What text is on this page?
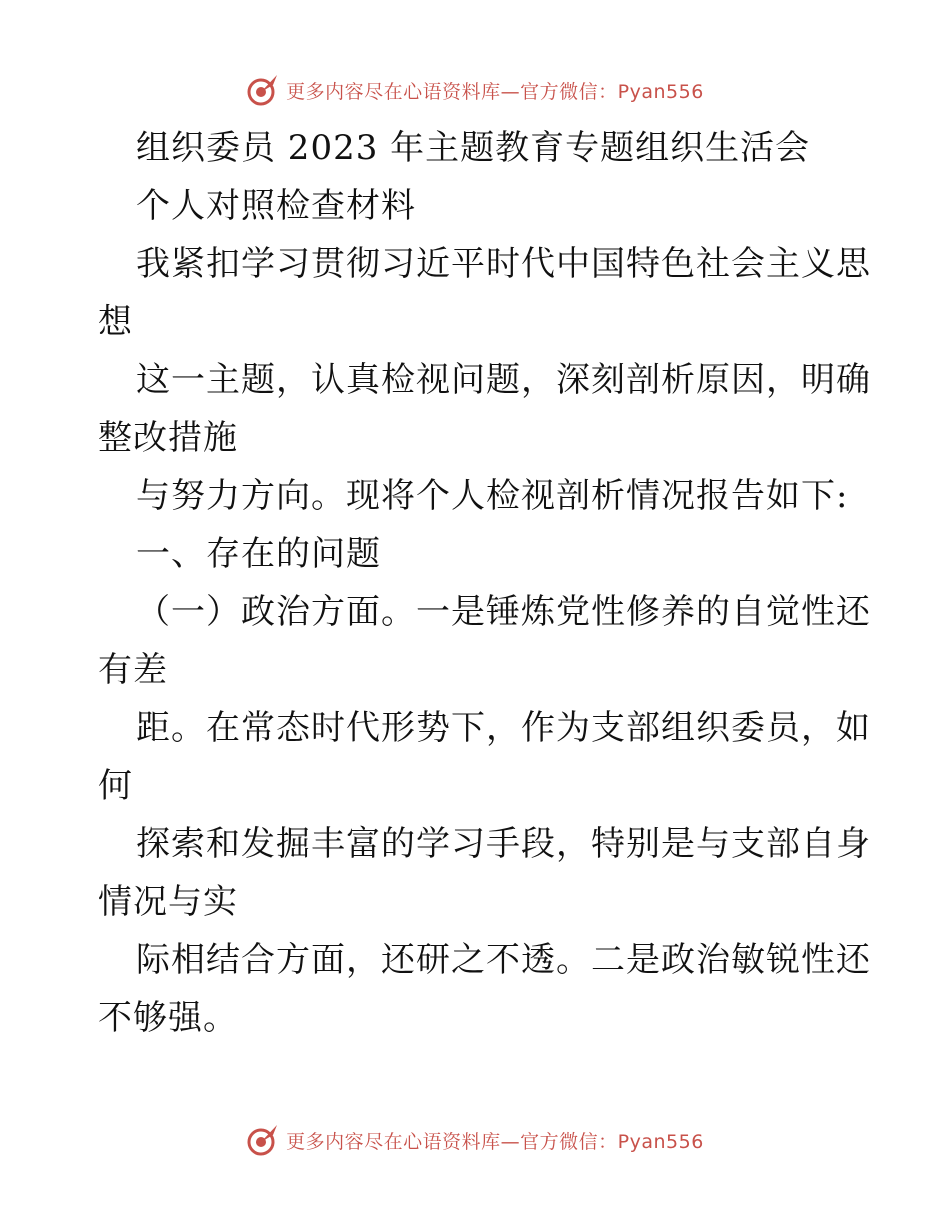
更多内容尽在心语资料库—官方微信：Pyan556
组织委员 2023 年主题教育专题组织生活会
个人对照检查材料
我紧扣学习贯彻习近平时代中国特色社会主义思
想
这一主题，认真检视问题，深刻剖析原因，明确
整改措施
与努力方向。现将个人检视剖析情况报告如下:
一、存在的问题
（一）政治方面。一是锤炼党性修养的自觉性还
有差
距。在常态时代形势下，作为支部组织委员，如
何
探索和发掘丰富的学习手段，特别是与支部自身
情况与实
际相结合方面，还研之不透。二是政治敏锐性还
不够强。
更多内容尽在心语资料库—官方微信：Pyan556
